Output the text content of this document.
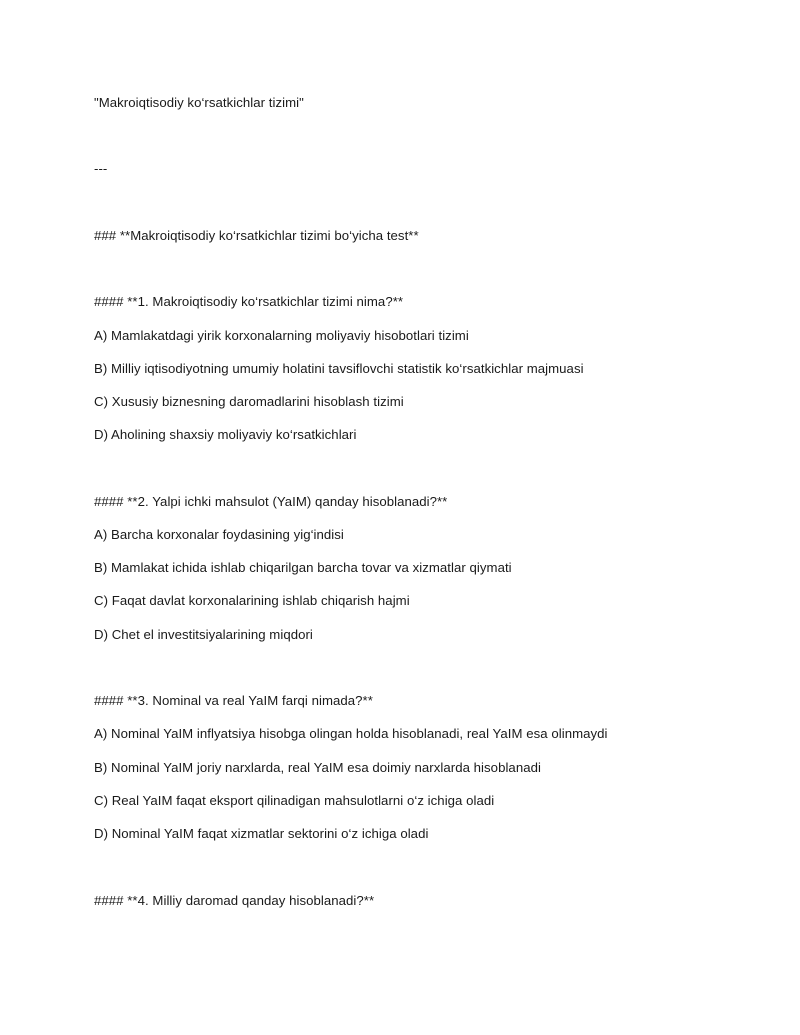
"Makroiqtisodiy ko‘rsatkichlar tizimi"
---
### **Makroiqtisodiy ko‘rsatkichlar tizimi bo‘yicha test**
#### **1. Makroiqtisodiy ko‘rsatkichlar tizimi nima?**
A) Mamlakatdagi yirik korxonalarning moliyaviy hisobotlari tizimi
B) Milliy iqtisodiyotning umumiy holatini tavsiflovchi statistik ko‘rsatkichlar majmuasi
C) Xususiy biznesning daromadlarini hisoblash tizimi
D) Aholining shaxsiy moliyaviy ko‘rsatkichlari
#### **2. Yalpi ichki mahsulot (YaIM) qanday hisoblanadi?**
A) Barcha korxonalar foydasining yig‘indisi
B) Mamlakat ichida ishlab chiqarilgan barcha tovar va xizmatlar qiymati
C) Faqat davlat korxonalarining ishlab chiqarish hajmi
D) Chet el investitsiyalarining miqdori
#### **3. Nominal va real YaIM farqi nimada?**
A) Nominal YaIM inflyatsiya hisobga olingan holda hisoblanadi, real YaIM esa olinmaydi
B) Nominal YaIM joriy narxlarda, real YaIM esa doimiy narxlarda hisoblanadi
C) Real YaIM faqat eksport qilinadigan mahsulotlarni o‘z ichiga oladi
D) Nominal YaIM faqat xizmatlar sektorini o‘z ichiga oladi
#### **4. Milliy daromad qanday hisoblanadi?**
